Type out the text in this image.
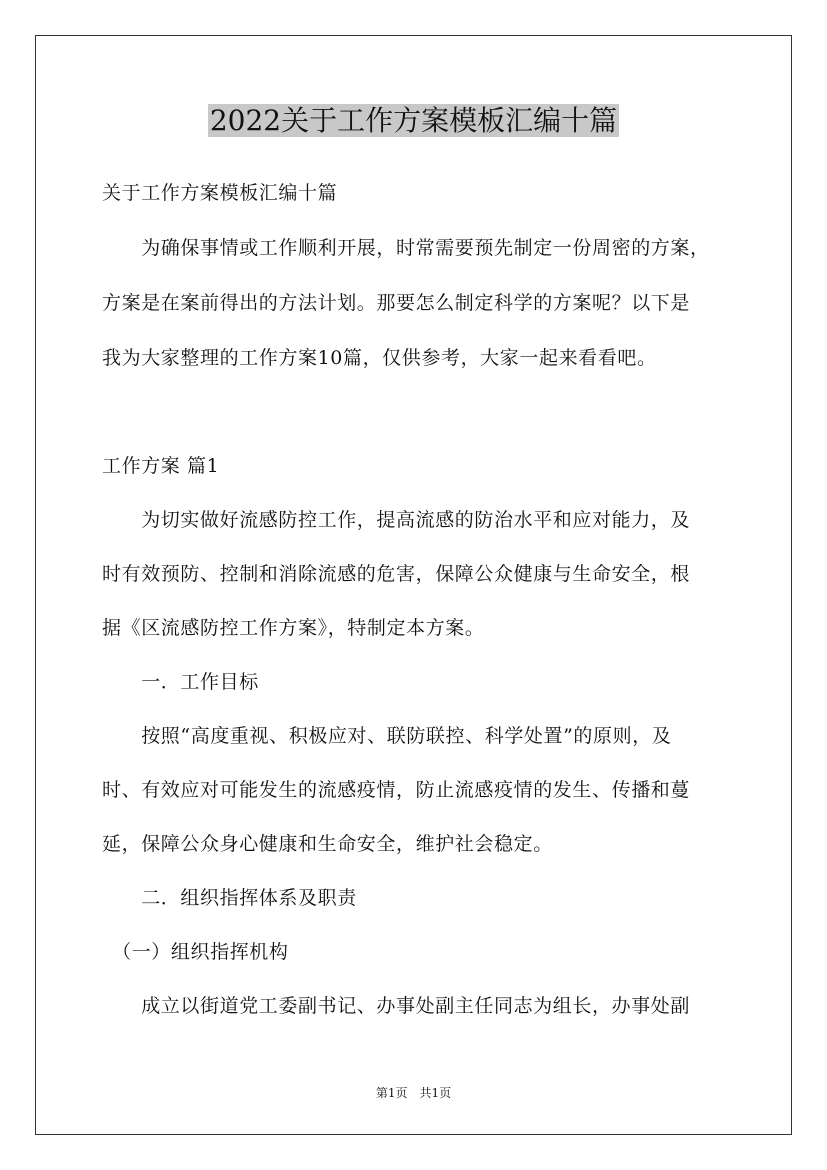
2022关于工作方案模板汇编十篇
关于工作方案模板汇编十篇
　　为确保事情或工作顺利开展，时常需要预先制定一份周密的方案，
方案是在案前得出的方法计划。那要怎么制定科学的方案呢？以下是
我为大家整理的工作方案10篇，仅供参考，大家一起来看看吧。
工作方案 篇1
　　为切实做好流感防控工作，提高流感的防治水平和应对能力，及
时有效预防、控制和消除流感的危害，保障公众健康与生命安全，根
据《区流感防控工作方案》，特制定本方案。
　　一．工作目标
　　按照“高度重视、积极应对、联防联控、科学处置”的原则，及
时、有效应对可能发生的流感疫情，防止流感疫情的发生、传播和蔓
延，保障公众身心健康和生命安全，维护社会稳定。
　　二．组织指挥体系及职责
　（一）组织指挥机构
　　成立以街道党工委副书记、办事处副主任同志为组长，办事处副
第1页　共1页
